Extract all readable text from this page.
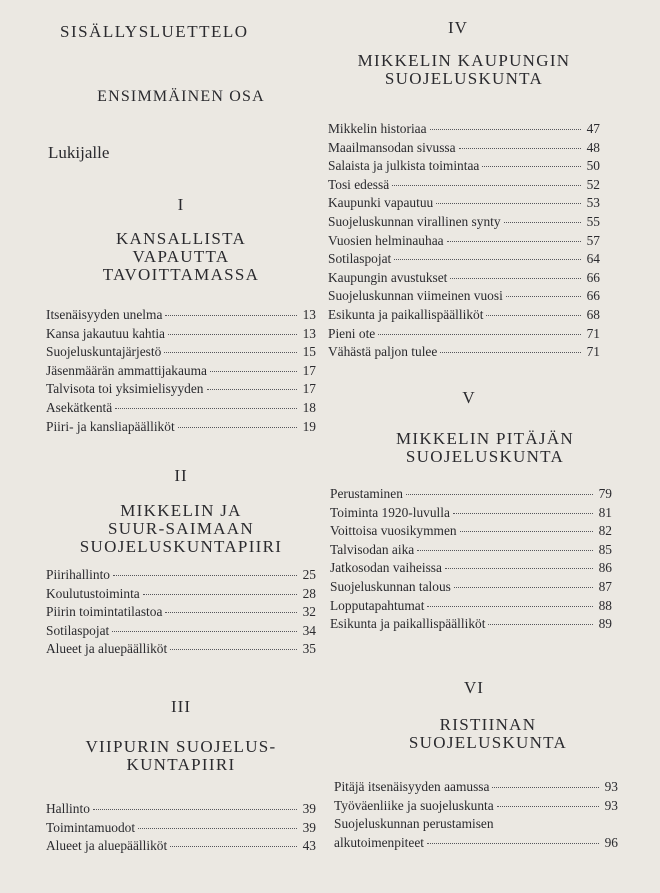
SISÄLLYSLUETTELO
ENSIMMÄINEN OSA
Lukijalle
I
KANSALLISTA
VAPAUTTA
TAVOITTAMASSA
Itsenäisyyden unelma	13
Kansa jakautuu kahtia	13
Suojeluskuntajärjestö	15
Jäsenmäärän ammattijakauma	17
Talvisota toi yksimielisyyden	17
Asekätkentä	18
Piiri- ja kansliapäälliköt	19
II
MIKKELIN JA
SUUR-SAIMAAN
SUOJELUSKUNTAPIIRI
Piirihallinto	25
Koulutustoiminta	28
Piirin toimintatilastoa	32
Sotilaspojat	34
Alueet ja aluepäälliköt	35
III
VIIPURIN SUOJELUS-
KUNTAPIIRI
Hallinto	39
Toimintamuodot	39
Alueet ja aluepäälliköt	43
IV
MIKKELIN KAUPUNGIN
SUOJELUSKUNTA
Mikkelin historiaa	47
Maailmansodan sivussa	48
Salaista ja julkista toimintaa	50
Tosi edessä	52
Kaupunki vapautuu	53
Suojeluskunnan virallinen synty	55
Vuosien helminauhaa	57
Sotilaspojat	64
Kaupungin avustukset	66
Suojeluskunnan viimeinen vuosi	66
Esikunta ja paikallispäälliköt	68
Pieni ote	71
Vähästä paljon tulee	71
V
MIKKELIN PITÄJÄN
SUOJELUSKUNTA
Perustaminen	79
Toiminta 1920-luvulla	81
Voittoisa vuosikymmen	82
Talvisodan aika	85
Jatkosodan vaiheissa	86
Suojeluskunnan talous	87
Lopputapahtumat	88
Esikunta ja paikallispäälliköt	89
VI
RISTIINAN
SUOJELUSKUNTA
Pitäjä itsenäisyyden aamussa	93
Työväenliike ja suojeluskunta	93
Suojeluskunnan perustamisen
alkutoimenpiteet	96
